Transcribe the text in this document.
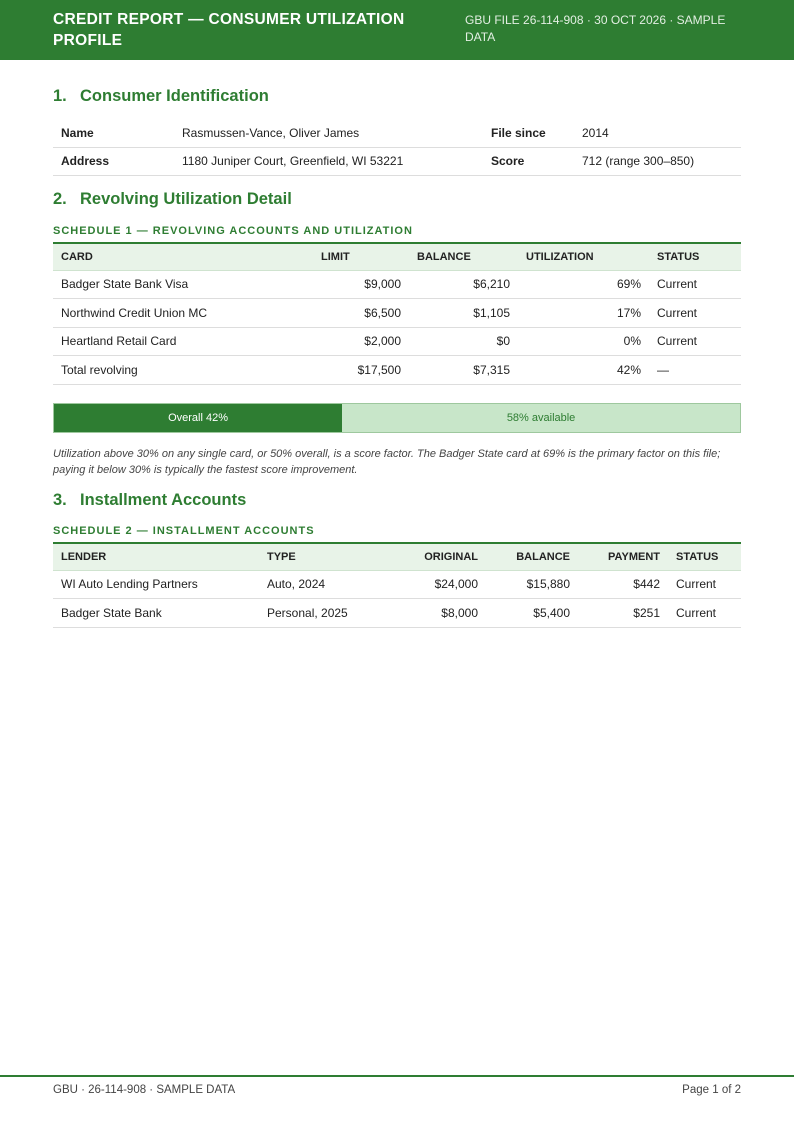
CREDIT REPORT — CONSUMER UTILIZATION PROFILE
GBU FILE 26-114-908 · 30 OCT 2026 · SAMPLE DATA
1. Consumer Identification
Name	Rasmussen-Vance, Oliver James	File since	2014
Address	1180 Juniper Court, Greenfield, WI 53221	Score	712 (range 300–850)
2. Revolving Utilization Detail
SCHEDULE 1 — REVOLVING ACCOUNTS AND UTILIZATION
CARD	LIMIT	BALANCE	UTILIZATION	STATUS
Badger State Bank Visa	$9,000	$6,210	69%	Current
Northwind Credit Union MC	$6,500	$1,105	17%	Current
Heartland Retail Card	$2,000	$0	0%	Current
Total revolving	$17,500	$7,315	42%	—
Overall 42%	58% available
Utilization above 30% on any single card, or 50% overall, is a score factor. The Badger State card at 69% is the primary factor on this file; paying it below 30% is typically the fastest score improvement.
3. Installment Accounts
SCHEDULE 2 — INSTALLMENT ACCOUNTS
LENDER	TYPE	ORIGINAL	BALANCE	PAYMENT	STATUS
WI Auto Lending Partners	Auto, 2024	$24,000	$15,880	$442	Current
Badger State Bank	Personal, 2025	$8,000	$5,400	$251	Current
GBU · 26-114-908 · SAMPLE DATA	Page 1 of 2
